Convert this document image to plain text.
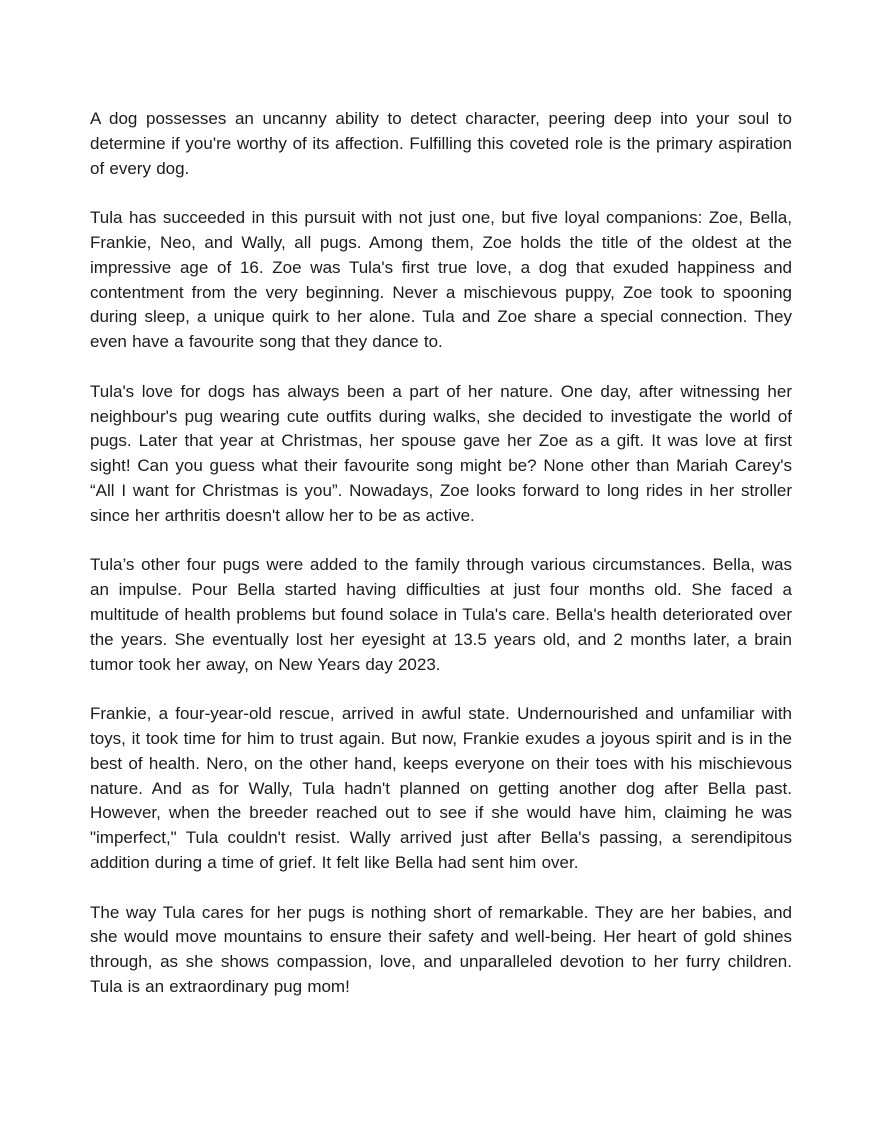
A dog possesses an uncanny ability to detect character, peering deep into your soul to determine if you're worthy of its affection. Fulfilling this coveted role is the primary aspiration of every dog.

Tula has succeeded in this pursuit with not just one, but five loyal companions: Zoe, Bella, Frankie, Neo, and Wally, all pugs. Among them, Zoe holds the title of the oldest at the impressive age of 16. Zoe was Tula's first true love, a dog that exuded happiness and contentment from the very beginning. Never a mischievous puppy, Zoe took to spooning during sleep, a unique quirk to her alone. Tula and Zoe share a special connection. They even have a favourite song that they dance to.

Tula's love for dogs has always been a part of her nature. One day, after witnessing her neighbour's pug wearing cute outfits during walks, she decided to investigate the world of pugs. Later that year at Christmas, her spouse gave her Zoe as a gift. It was love at first sight! Can you guess what their favourite song might be? None other than Mariah Carey's “All I want for Christmas is you”. Nowadays, Zoe looks forward to long rides in her stroller since her arthritis doesn't allow her to be as active.

Tula’s other four pugs were added to the family through various circumstances. Bella, was an impulse. Pour Bella started having difficulties at just four months old. She faced a multitude of health problems but found solace in Tula's care. Bella's health deteriorated over the years. She eventually lost her eyesight at 13.5 years old, and 2 months later, a brain tumor took her away, on New Years day 2023.

Frankie, a four-year-old rescue, arrived in awful state. Undernourished and unfamiliar with toys, it took time for him to trust again. But now, Frankie exudes a joyous spirit and is in the best of health. Nero, on the other hand, keeps everyone on their toes with his mischievous nature. And as for Wally, Tula hadn't planned on getting another dog after Bella past. However, when the breeder reached out to see if she would have him, claiming he was "imperfect," Tula couldn't resist. Wally arrived just after Bella's passing, a serendipitous addition during a time of grief. It felt like Bella had sent him over.

The way Tula cares for her pugs is nothing short of remarkable. They are her babies, and she would move mountains to ensure their safety and well-being. Her heart of gold shines through, as she shows compassion, love, and unparalleled devotion to her furry children. Tula is an extraordinary pug mom!
